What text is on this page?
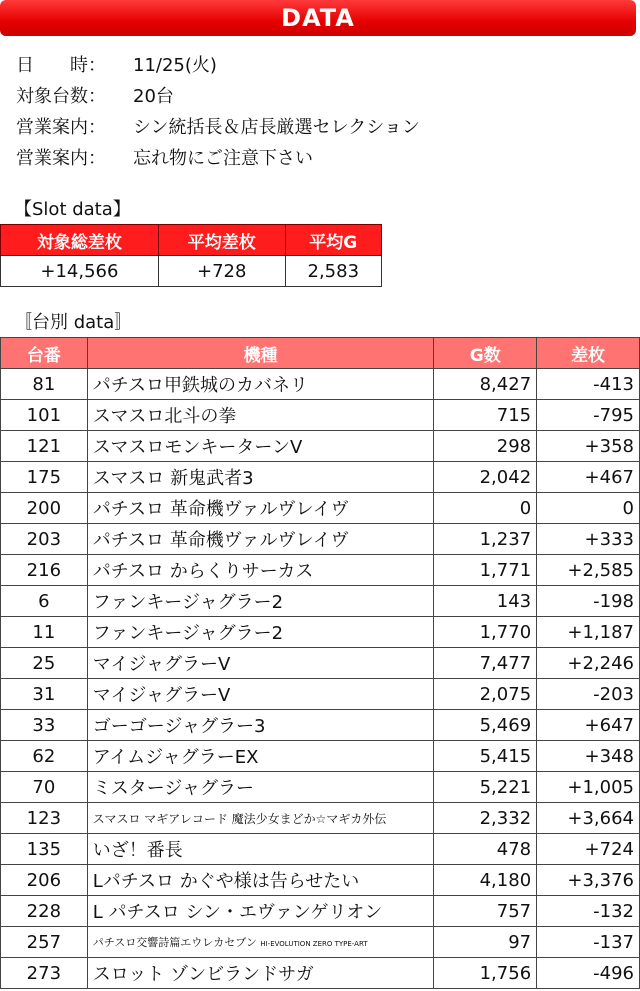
DATA
日　　時：	11/25(火)
対象台数：	20台
営業案内：	シン統括長＆店長厳選セレクション
営業案内：	忘れ物にご注意下さい
【Slot data】
対象総差枚	平均差枚	平均G
+14,566	+728	2,583
〚台別 data〛
台番	機種	G数	差枚
81	パチスロ甲鉄城のカバネリ	8,427	-413
101	スマスロ北斗の拳	715	-795
121	スマスロモンキーターンV	298	+358
175	スマスロ 新鬼武者3	2,042	+467
200	パチスロ 革命機ヴァルヴレイヴ	0	0
203	パチスロ 革命機ヴァルヴレイヴ	1,237	+333
216	パチスロ からくりサーカス	1,771	+2,585
6	ファンキージャグラー2	143	-198
11	ファンキージャグラー2	1,770	+1,187
25	マイジャグラーV	7,477	+2,246
31	マイジャグラーV	2,075	-203
33	ゴーゴージャグラー3	5,469	+647
62	アイムジャグラーEX	5,415	+348
70	ミスタージャグラー	5,221	+1,005
123	スマスロ マギアレコード 魔法少女まどか☆マギカ外伝	2,332	+3,664
135	いざ！番長	478	+724
206	Lパチスロ かぐや様は告らせたい	4,180	+3,376
228	L パチスロ シン・エヴァンゲリオン	757	-132
257	パチスロ交響詩篇エウレカセブン HI-EVOLUTION ZERO TYPE-ART	97	-137
273	スロット ゾンビランドサガ	1,756	-496
